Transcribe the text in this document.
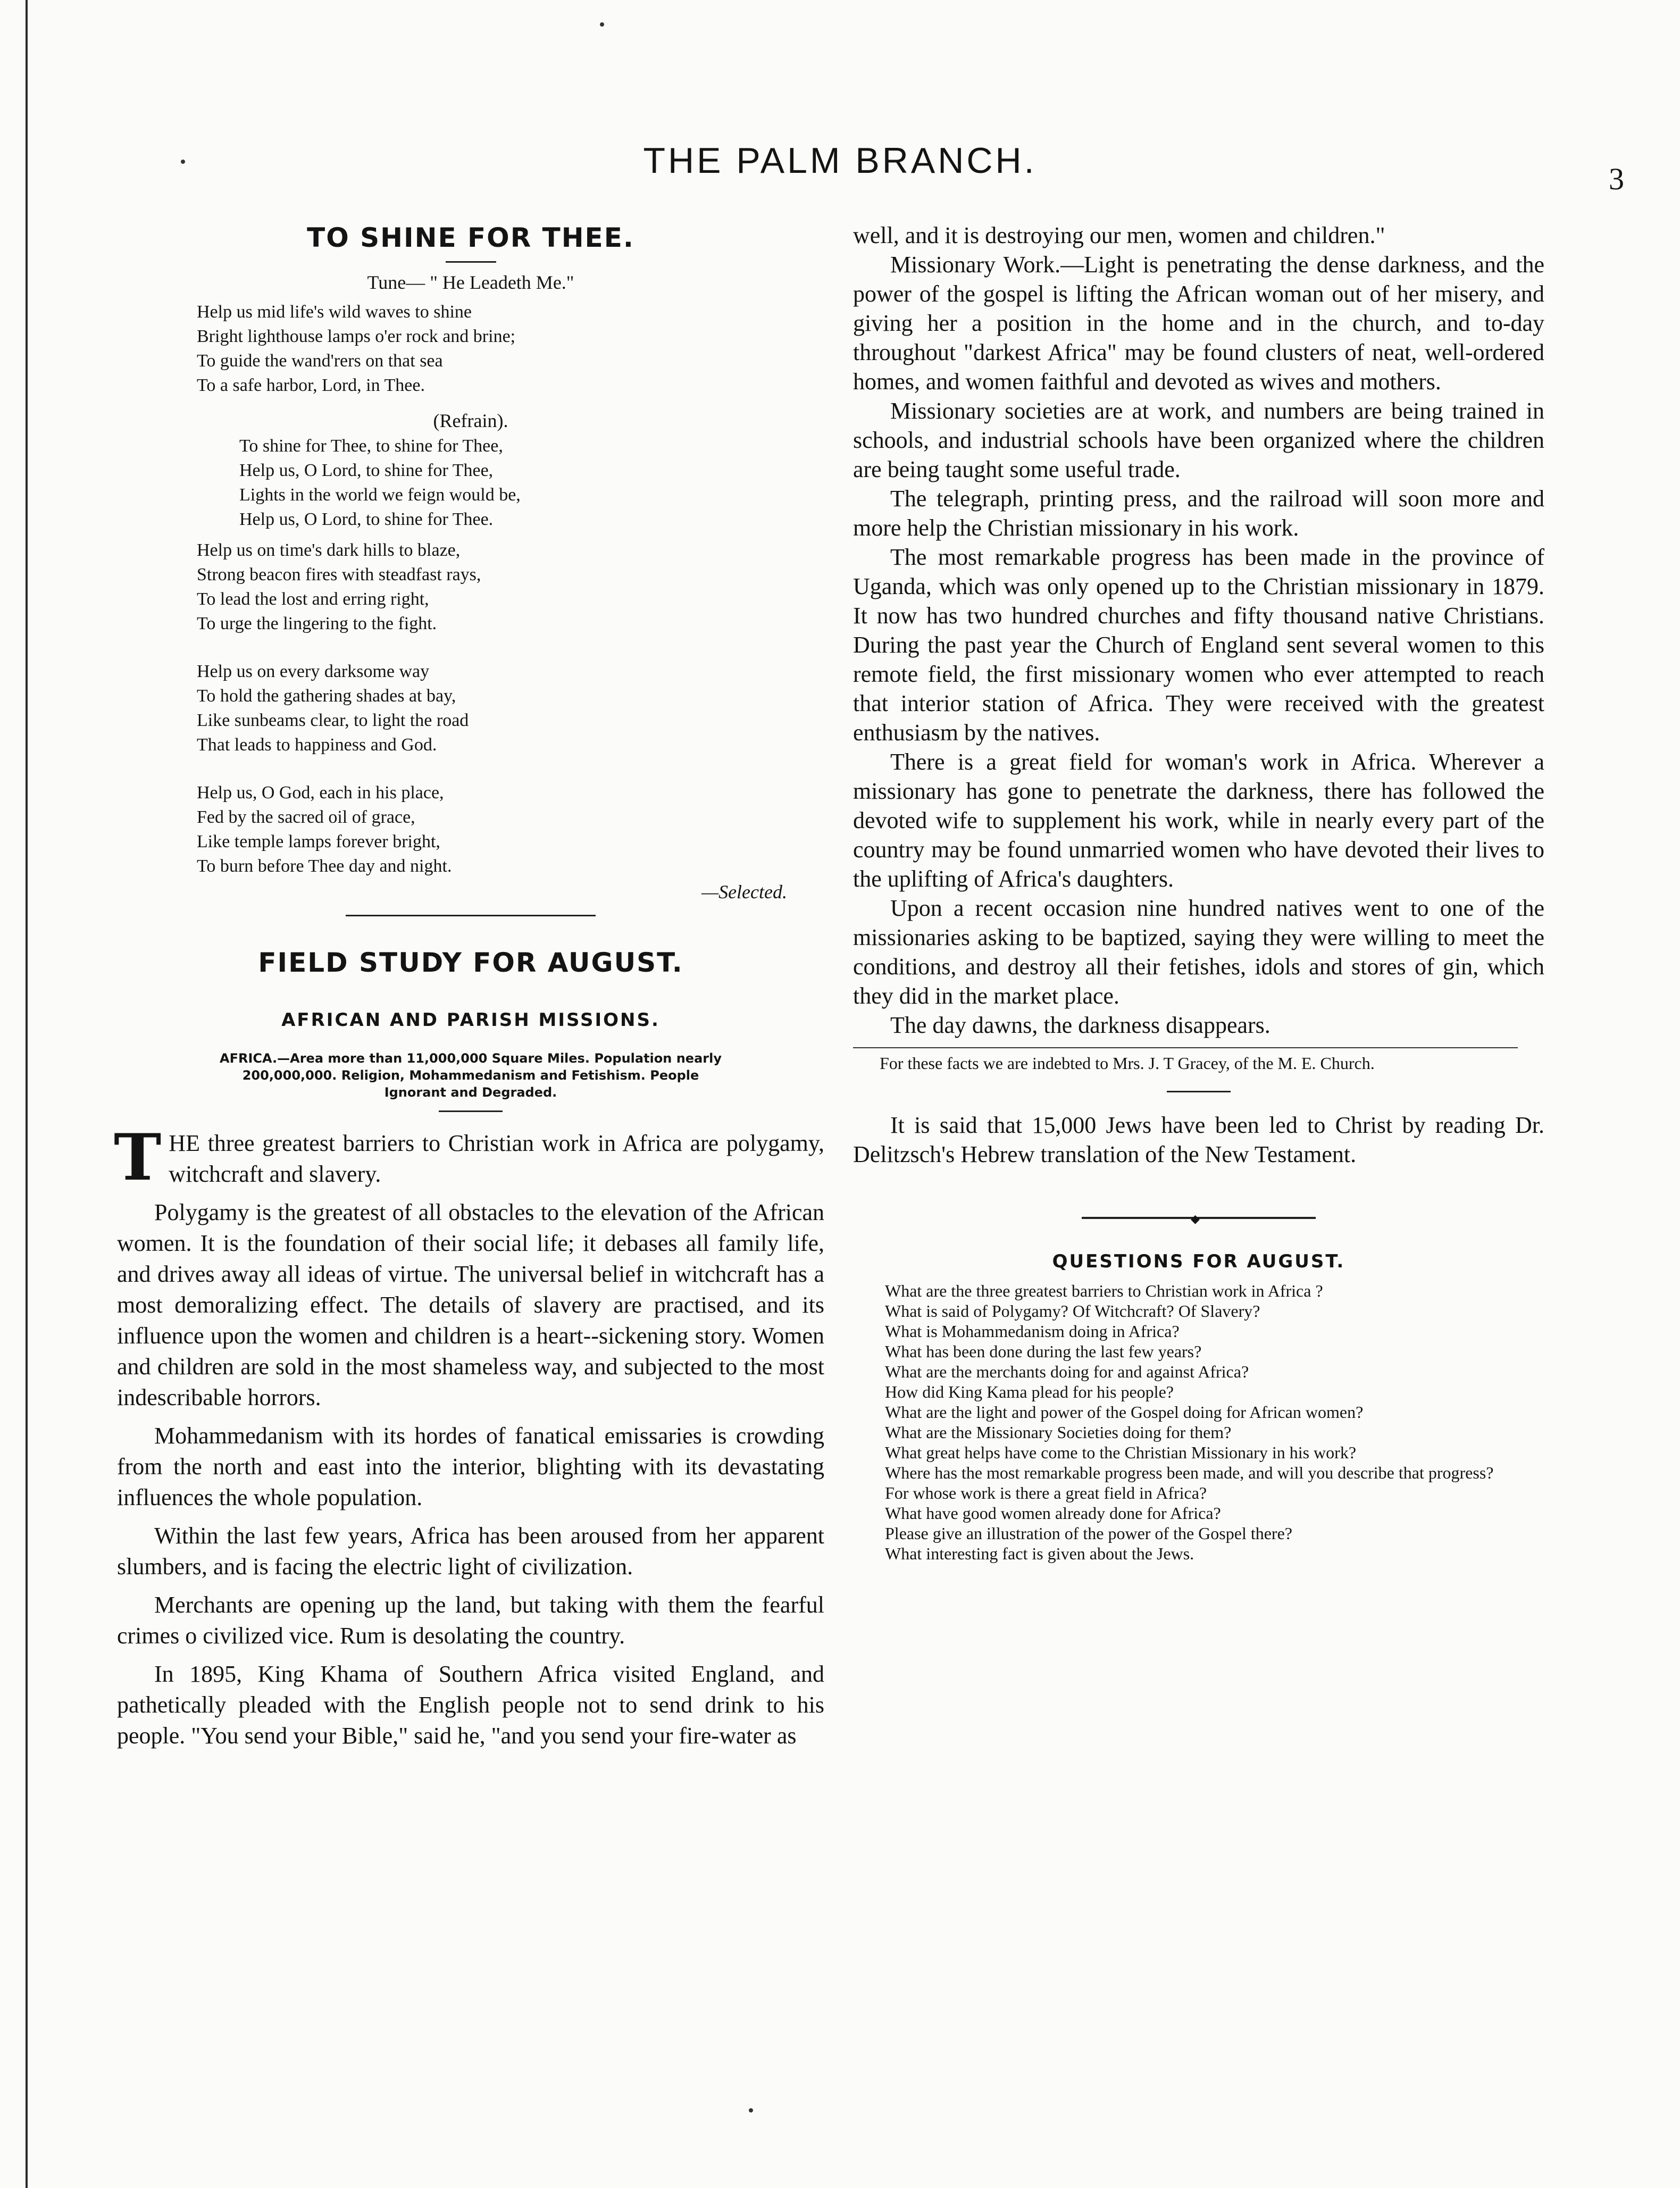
THE PALM BRANCH.	3
TO SHINE FOR THEE.
Tune— " He Leadeth Me."
Help us mid life's wild waves to shine
Bright lighthouse lamps o'er rock and brine;
To guide the wand'rers on that sea
To a safe harbor, Lord, in Thee.
(Refrain).
To shine for Thee, to shine for Thee,
Help us, O Lord, to shine for Thee,
Lights in the world we feign would be,
Help us, O Lord, to shine for Thee.
Help us on time's dark hills to blaze,
Strong beacon fires with steadfast rays,
To lead the lost and erring right,
To urge the lingering to the fight.
Help us on every darksome way
To hold the gathering shades at bay,
Like sunbeams clear, to light the road
That leads to happiness and God.
Help us, O God, each in his place,
Fed by the sacred oil of grace,
Like temple lamps forever bright,
To burn before Thee day and night.
—Selected.
FIELD STUDY FOR AUGUST.
AFRICAN AND PARISH MISSIONS.
AFRICA.—Area more than 11,000,000 Square Miles. Population nearly
200,000,000. Religion, Mohammedanism and Fetishism. People
Ignorant and Degraded.
T HE three greatest barriers to Christian work in Africa are polygamy, witchcraft and slavery.

Polygamy is the greatest of all obstacles to the elevation of the African women. It is the foundation of their social life; it debases all family life, and drives away all ideas of virtue. The universal belief in witchcraft has a most demoralizing effect. The details of slavery are practised, and its influence upon the women and children is a heart--sickening story. Women and children are sold in the most shameless way, and subjected to the most indescribable horrors.

Mohammedanism with its hordes of fanatical emissaries is crowding from the north and east into the interior, blighting with its devastating influences the whole population.

Within the last few years, Africa has been aroused from her apparent slumbers, and is facing the electric light of civilization.

Merchants are opening up the land, but taking with them the fearful crimes o civilized vice. Rum is desolating the country.

In 1895, King Khama of Southern Africa visited England, and pathetically pleaded with the English people not to send drink to his people. "You send your Bible," said he, "and you send your fire-water as

well, and it is destroying our men, women and children."

Missionary Work.—Light is penetrating the dense darkness, and the power of the gospel is lifting the African woman out of her misery, and giving her a position in the home and in the church, and to-day throughout "darkest Africa" may be found clusters of neat, well-ordered homes, and women faithful and devoted as wives and mothers.

Missionary societies are at work, and numbers are being trained in schools, and industrial schools have been organized where the children are being taught some useful trade.

The telegraph, printing press, and the railroad will soon more and more help the Christian missionary in his work.

The most remarkable progress has been made in the province of Uganda, which was only opened up to the Christian missionary in 1879. It now has two hundred churches and fifty thousand native Christians. During the past year the Church of England sent several women to this remote field, the first missionary women who ever attempted to reach that interior station of Africa. They were received with the greatest enthusiasm by the natives.

There is a great field for woman's work in Africa. Wherever a missionary has gone to penetrate the darkness, there has followed the devoted wife to supplement his work, while in nearly every part of the country may be found unmarried women who have devoted their lives to the uplifting of Africa's daughters.

Upon a recent occasion nine hundred natives went to one of the missionaries asking to be baptized, saying they were willing to meet the conditions, and destroy all their fetishes, idols and stores of gin, which they did in the market place.

The day dawns, the darkness disappears.

For these facts we are indebted to Mrs. J. T Gracey, of the M. E. Church.

It is said that 15,000 Jews have been led to Christ by reading Dr. Delitzsch's Hebrew translation of the New Testament.

◆
QUESTIONS FOR AUGUST.

What are the three greatest barriers to Christian work in Africa ?

What is said of Polygamy? Of Witchcraft? Of Slavery?

What is Mohammedanism doing in Africa?

What has been done during the last few years?

What are the merchants doing for and against Africa?

How did King Kama plead for his people?

What are the light and power of the Gospel doing for African women?

What are the Missionary Societies doing for them?

What great helps have come to the Christian Missionary in his work?

Where has the most remarkable progress been made, and will you describe that progress?

For whose work is there a great field in Africa?

What have good women already done for Africa?

Please give an illustration of the power of the Gospel there?

What interesting fact is given about the Jews.
